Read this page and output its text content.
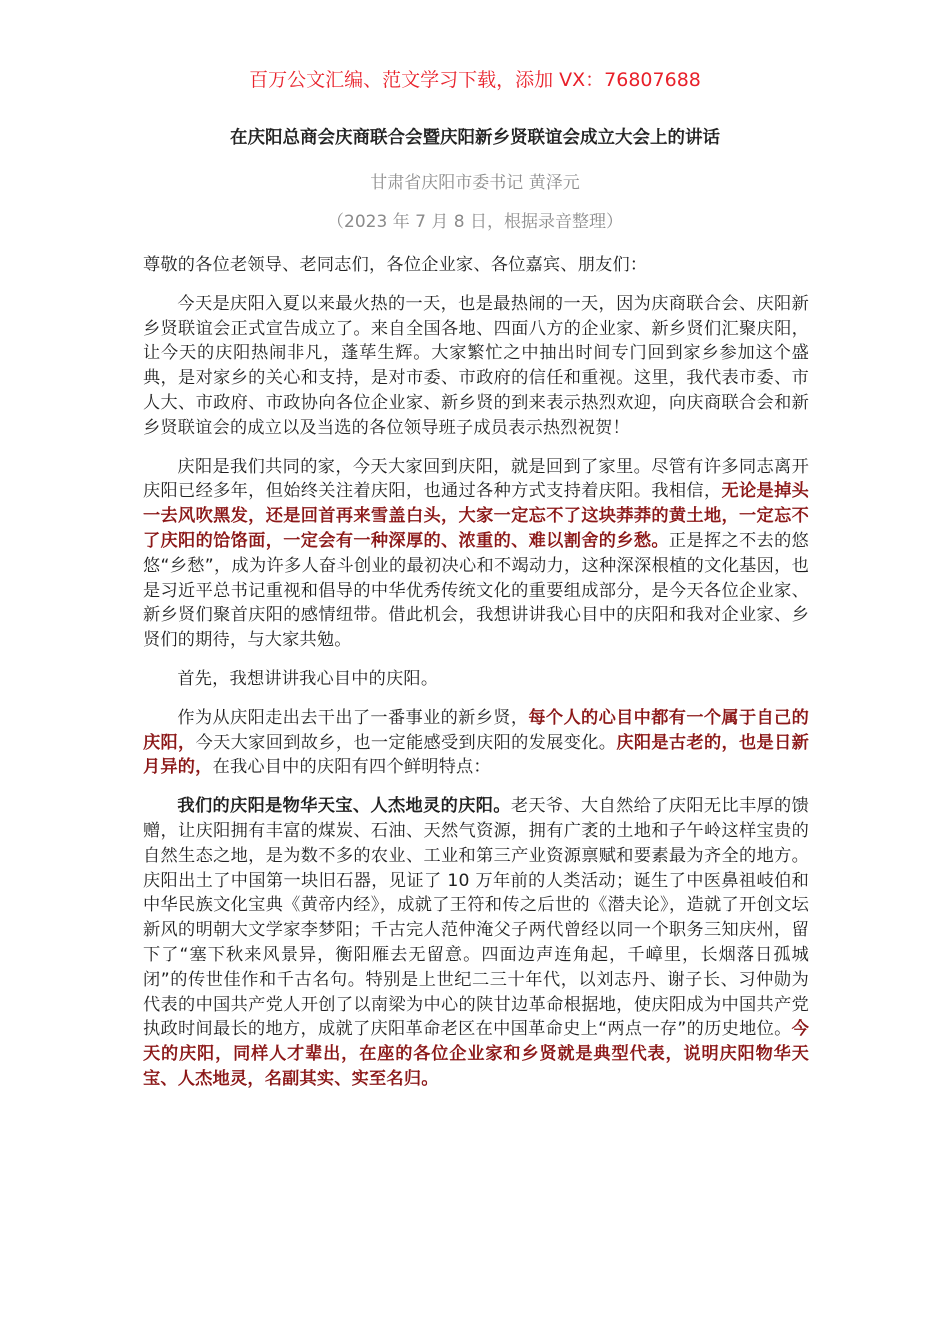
百万公文汇编、范文学习下载，添加 VX：76807688
在庆阳总商会庆商联合会暨庆阳新乡贤联谊会成立大会上的讲话
甘肃省庆阳市委书记 黄泽元
（2023 年 7 月 8 日，根据录音整理）

尊敬的各位老领导、老同志们，各位企业家、各位嘉宾、朋友们：

今天是庆阳入夏以来最火热的一天，也是最热闹的一天，因为庆商联合会、庆阳新乡贤联谊会正式宣告成立了。来自全国各地、四面八方的企业家、新乡贤们汇聚庆阳，让今天的庆阳热闹非凡，蓬荜生辉。大家繁忙之中抽出时间专门回到家乡参加这个盛典，是对家乡的关心和支持，是对市委、市政府的信任和重视。这里，我代表市委、市人大、市政府、市政协向各位企业家、新乡贤的到来表示热烈欢迎，向庆商联合会和新乡贤联谊会的成立以及当选的各位领导班子成员表示热烈祝贺！

庆阳是我们共同的家，今天大家回到庆阳，就是回到了家里。尽管有许多同志离开庆阳已经多年，但始终关注着庆阳，也通过各种方式支持着庆阳。我相信，无论是掉头一去风吹黑发，还是回首再来雪盖白头，大家一定忘不了这块莽莽的黄土地，一定忘不了庆阳的饸饹面，一定会有一种深厚的、浓重的、难以割舍的乡愁。正是挥之不去的悠悠“乡愁”，成为许多人奋斗创业的最初决心和不竭动力，这种深深根植的文化基因，也是习近平总书记重视和倡导的中华优秀传统文化的重要组成部分，是今天各位企业家、新乡贤们聚首庆阳的感情纽带。借此机会，我想讲讲我心目中的庆阳和我对企业家、乡贤们的期待，与大家共勉。

首先，我想讲讲我心目中的庆阳。

作为从庆阳走出去干出了一番事业的新乡贤，每个人的心目中都有一个属于自己的庆阳，今天大家回到故乡，也一定能感受到庆阳的发展变化。庆阳是古老的，也是日新月异的，在我心目中的庆阳有四个鲜明特点：

我们的庆阳是物华天宝、人杰地灵的庆阳。老天爷、大自然给了庆阳无比丰厚的馈赠，让庆阳拥有丰富的煤炭、石油、天然气资源，拥有广袤的土地和子午岭这样宝贵的自然生态之地，是为数不多的农业、工业和第三产业资源禀赋和要素最为齐全的地方。庆阳出土了中国第一块旧石器，见证了 10 万年前的人类活动；诞生了中医鼻祖岐伯和中华民族文化宝典《黄帝内经》，成就了王符和传之后世的《潜夫论》，造就了开创文坛新风的明朝大文学家李梦阳；千古完人范仲淹父子两代曾经以同一个职务三知庆州，留下了“塞下秋来风景异，衡阳雁去无留意。四面边声连角起，千嶂里，长烟落日孤城闭”的传世佳作和千古名句。特别是上世纪二三十年代，以刘志丹、谢子长、习仲勋为代表的中国共产党人开创了以南梁为中心的陕甘边革命根据地，使庆阳成为中国共产党执政时间最长的地方，成就了庆阳革命老区在中国革命史上“两点一存”的历史地位。今天的庆阳，同样人才辈出，在座的各位企业家和乡贤就是典型代表，说明庆阳物华天宝、人杰地灵，名副其实、实至名归。
